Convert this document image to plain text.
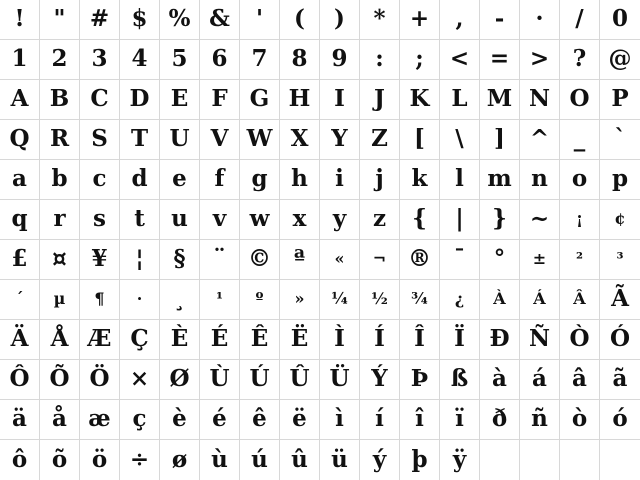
! " # $ % & ' ( ) * + , - · / 0
1 2 3 4 5 6 7 8 9 : ; < = > ? @
A B C D E F G H I J K L M N O P
Q R S T U V W X Y Z [ \ ] ^ _ `
a b c d e f g h i j k l m n o p
q r s t u v w x y z { | } ~ ¡ ¢
£ ¤ ¥ ¦ § ¨ © ª « ¬ ® ¯ ° ± ² ³
´ µ ¶ · ¸ ¹ º » ¼ ½ ¾ ¿ À Á Â Ã
Ä Å Æ Ç È É Ê Ë Ì Í Î Ï Ð Ñ Ò Ó
Ô Õ Ö × Ø Ù Ú Û Ü Ý Þ ß à á â ã
ä å æ ç è é ê ë ì í î ï ð ñ ò ó
ô õ ö ÷ ø ù ú û ü ý þ ÿ
